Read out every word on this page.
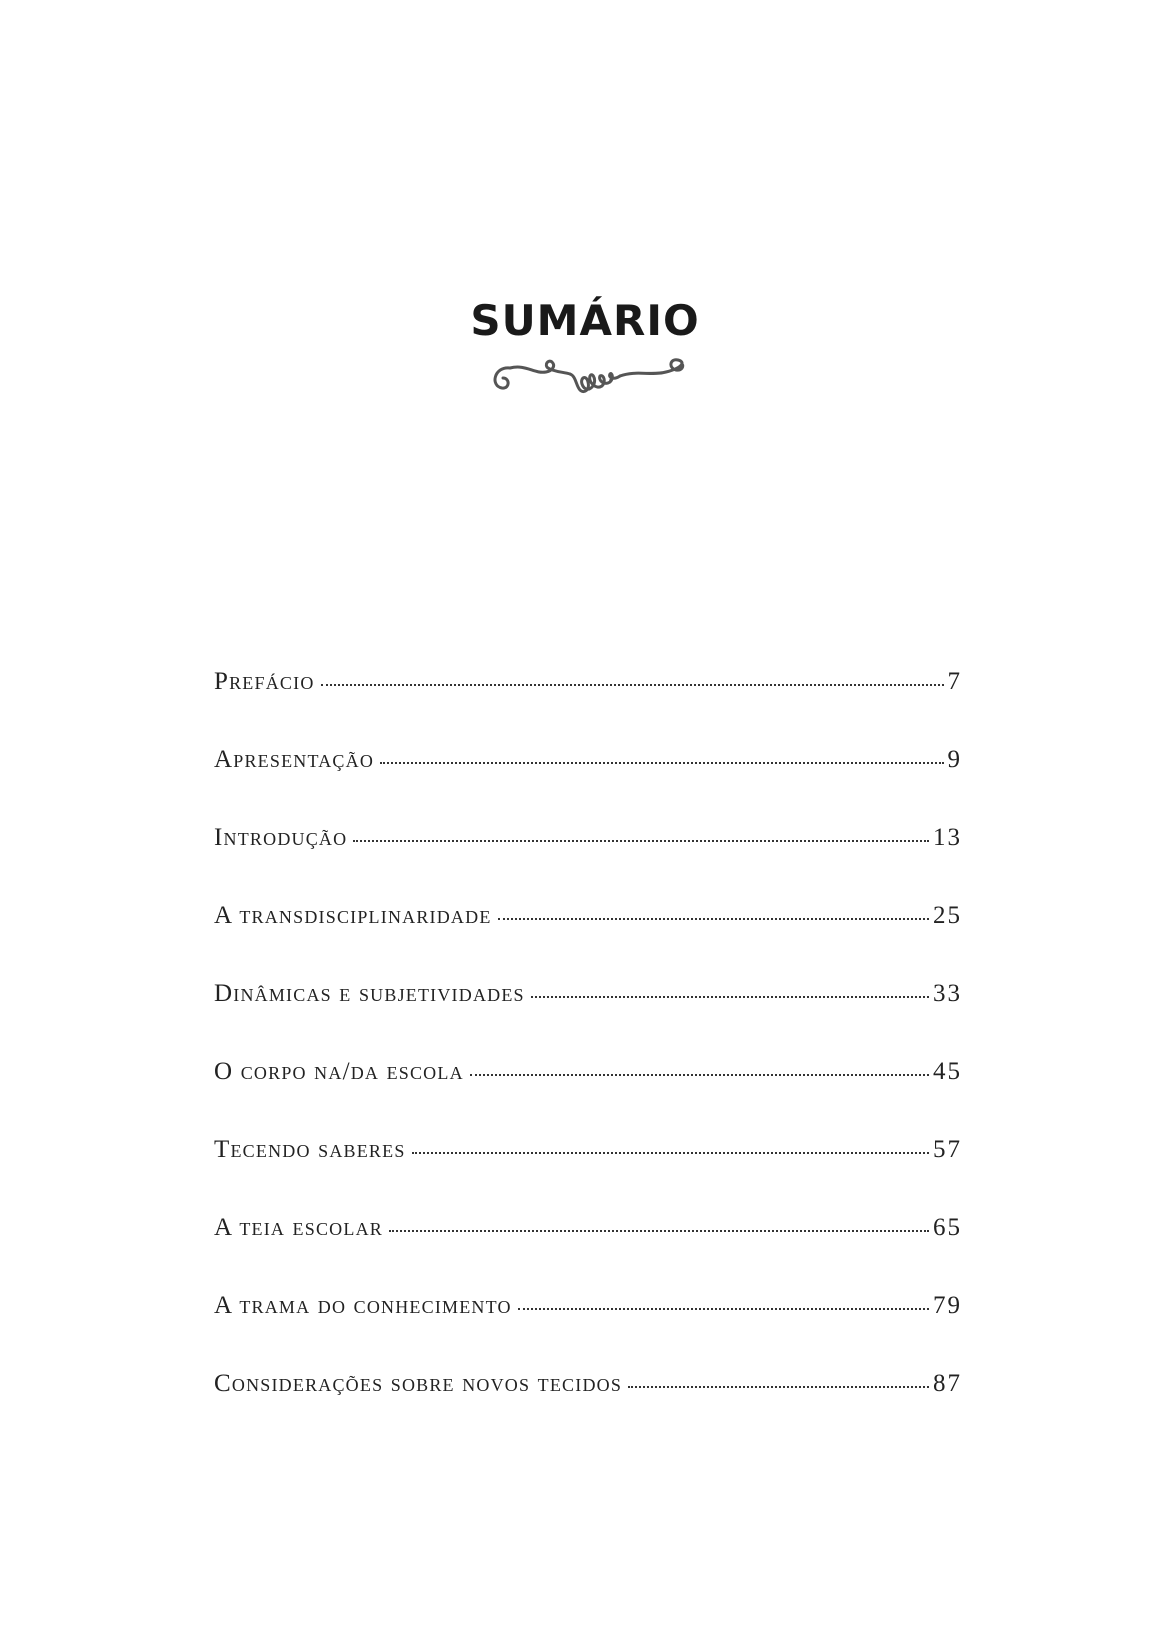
SUMÁRIO
Prefácio	7
Apresentação	9
Introdução	13
A transdisciplinaridade	25
Dinâmicas e subjetividades	33
O corpo na/da escola	45
Tecendo saberes	57
A teia escolar	65
A trama do conhecimento	79
Considerações sobre novos tecidos	87
